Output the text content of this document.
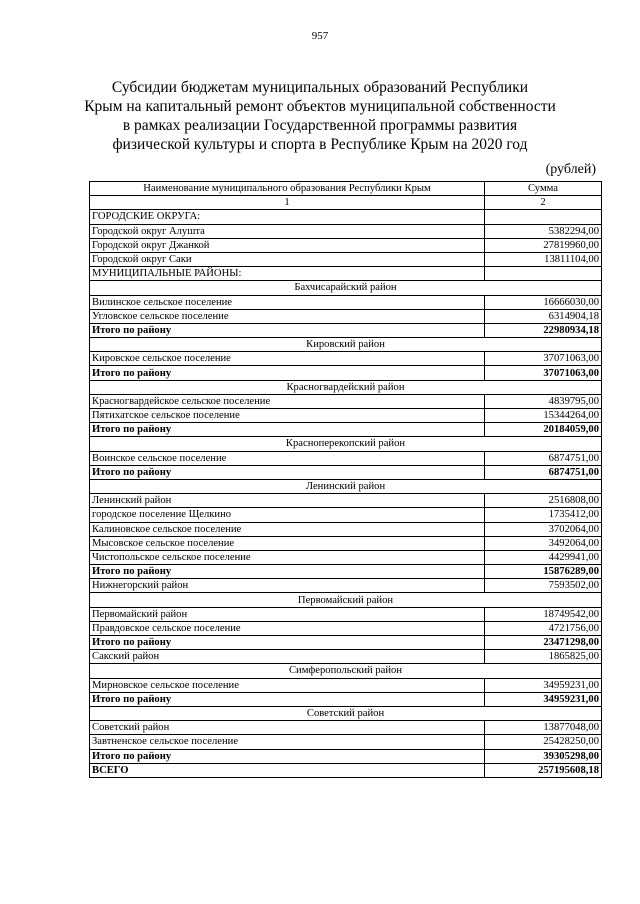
957
Субсидии бюджетам муниципальных образований Республики
Крым на капитальный ремонт объектов муниципальной собственности
в рамках реализации Государственной программы развития
физической культуры и спорта в Республике Крым на 2020 год
(рублей)
Наименование муниципального образования Республики Крым	Сумма
1	2
ГОРОДСКИЕ ОКРУГА:	
Городской округ Алушта	5382294,00
Городской округ Джанкой	27819960,00
Городской округ Саки	13811104,00
МУНИЦИПАЛЬНЫЕ РАЙОНЫ:	
Бахчисарайский район	
Вилинское сельское поселение	16666030,00
Угловское сельское поселение	6314904,18
Итого по району	22980934,18
Кировский район	
Кировское сельское поселение	37071063,00
Итого по району	37071063,00
Красногвардейский район	
Красногвардейское сельское поселение	4839795,00
Пятихатское сельское поселение	15344264,00
Итого по району	20184059,00
Красноперекопский район	
Воинское сельское поселение	6874751,00
Итого по району	6874751,00
Ленинский район	
Ленинский район	2516808,00
городское поселение Щелкино	1735412,00
Калиновское сельское поселение	3702064,00
Мысовское сельское поселение	3492064,00
Чистопольское сельское поселение	4429941,00
Итого по району	15876289,00
Нижнегорский район	7593502,00
Первомайский район	
Первомайский район	18749542,00
Правдовское сельское поселение	4721756,00
Итого по району	23471298,00
Сакский район	1865825,00
Симферопольский район	
Мирновское сельское поселение	34959231,00
Итого по району	34959231,00
Советский район	
Советский район	13877048,00
Завтненское сельское поселение	25428250,00
Итого по району	39305298,00
ВСЕГО	257195608,18
